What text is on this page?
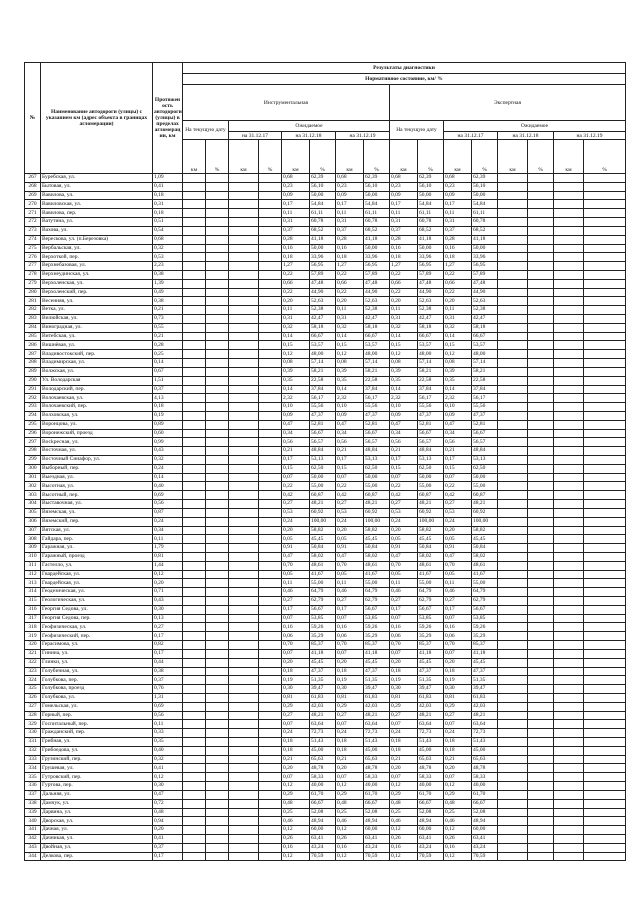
№	Наименование автодороги (улицы) с указанием км (адрес объекта в границах агломерации)	Протяжен ость автодороги (улицы) в пределах агломерац ии, км	Результаты диагностики															
			Нормативное состояние, км/ %															
			Инструментальная								Экспертная							
			На текущую дату		Ожидаемое						На текущую дату		Ожидаемое					
					на 31.12.17		на 31.12.18		на 31.12.19				на 31.12.17		на 31.12.18		на 31.12.19	
			км	%	км	%	км	%	км	%	км	%	км	%	км	%	км	%
267	Буребская, ул.	1,09					0,68	62,39	0,68	62,39	0,68	62,39	0,68	62,39				
268	Бытовая, ул.	0,41					0,23	56,10	0,23	56,10	0,23	56,10	0,23	56,10				
269	Вавилова, ул.	0,18					0,09	50,00	0,09	50,00	0,09	50,00	0,09	50,00				
270	Вавиловская, ул.	0,31					0,17	54,84	0,17	54,84	0,17	54,84	0,17	54,84				
271	Вавилова, пер.	0,18					0,11	61,11	0,11	61,11	0,11	61,11	0,11	61,11				
272	Ватутина, ул.	0,51					0,31	60,78	0,31	60,78	0,31	60,78	0,31	60,78				
273	Вахова, ул.	0,54					0,37	68,52	0,37	68,52	0,37	68,52	0,37	68,52				
274	Верескова, ул. (п.Березовка)	0,68					0,28	41,18	0,28	41,18	0,28	41,18	0,28	41,18				
275	Вербальская, ул.	0,32					0,16	50,00	0,16	50,00	0,16	50,00	0,16	50,00				
276	Верхоткой, пер.	0,53					0,18	33,96	0,18	33,96	0,18	33,96	0,18	33,96				
277	Верхнебазовая, ул.	2,23					1,27	56,95	1,27	56,95	1,27	56,95	1,27	56,95				
278	Верхнеудинская, ул.	0,38					0,22	57,89	0,22	57,89	0,22	57,89	0,22	57,89				
279	Верхоленская, ул.	1,39					0,66	47,48	0,66	47,48	0,66	47,48	0,66	47,48				
280	Верхоленский, пер.	0,49					0,22	44,90	0,22	44,90	0,22	44,90	0,22	44,90				
281	Весенняя, ул.	0,38					0,20	52,63	0,20	52,63	0,20	52,63	0,20	52,63				
282	Ветка, ул.	0,21					0,11	52,38	0,11	52,38	0,11	52,38	0,11	52,38				
283	Вилюйская, ул.	0,73					0,31	42,47	0,31	42,47	0,31	42,47	0,31	42,47				
284	Виноградная, ул.	0,55					0,32	58,18	0,32	58,18	0,32	58,18	0,32	58,18				
285	Витебская, ул.	0,21					0,14	66,67	0,14	66,67	0,14	66,67	0,14	66,67				
286	Вишнёвая, ул.	0,28					0,15	53,57	0,15	53,57	0,15	53,57	0,15	53,57				
287	Владивостокский, пер.	0,25					0,12	48,00	0,12	48,00	0,12	48,00	0,12	48,00				
288	Владимирская, ул.	0,14					0,08	57,14	0,08	57,14	0,08	57,14	0,08	57,14				
289	Волжская, ул.	0,67					0,39	58,21	0,39	58,21	0,39	58,21	0,39	58,21				
290	Ул. Володарская	1,51					0,35	22,58	0,35	22,58	0,35	22,58	0,35	22,58				
291	Володарский, пер.	0,37					0,14	37,84	0,14	37,84	0,14	37,84	0,14	37,84				
292	Волочаевская, ул.	4,13					2,32	56,17	2,32	56,17	2,32	56,17	2,32	56,17				
293	Волочаевский, пер.	0,18					0,10	55,56	0,10	55,56	0,10	55,56	0,10	55,56				
294	Волховская, ул.	0,19					0,09	47,37	0,09	47,37	0,09	47,37	0,09	47,37				
295	Воронцова, ул.	0,89					0,47	52,81	0,47	52,81	0,47	52,81	0,47	52,81				
296	Воронежский, проезд	0,60					0,34	56,67	0,34	56,67	0,34	56,67	0,34	56,67				
297	Восkресная, ул.	0,99					0,56	56,57	0,56	56,57	0,56	56,57	0,56	56,57				
298	Восточная, ул.	0,43					0,21	48,84	0,21	48,84	0,21	48,84	0,21	48,84				
299	Восточный Синафор, ул.	0,32					0,17	53,13	0,17	53,13	0,17	53,13	0,17	53,13				
300	Выборный, пер.	0,24					0,15	62,50	0,15	62,50	0,15	62,50	0,15	62,50				
301	Выездная, ул.	0,14					0,07	50,00	0,07	50,00	0,07	50,00	0,07	50,00				
302	Высотная, ул.	0,40					0,22	55,00	0,22	55,00	0,22	55,00	0,22	55,00				
303	Высотный, пер.	0,69					0,42	60,87	0,42	60,87	0,42	60,87	0,42	60,87				
304	Выставочная, ул.	0,56					0,27	48,21	0,27	48,21	0,27	48,21	0,27	48,21				
305	Вяземская, ул.	0,87					0,53	60,92	0,53	60,92	0,53	60,92	0,53	60,92				
306	Вяземский, пер.	0,24					0,24	100,00	0,24	100,00	0,24	100,00	0,24	100,00				
307	Вятская, ул.	0,34					0,20	58,82	0,20	58,82	0,20	58,82	0,20	58,82				
308	Гайдара, пер.	0,11					0,05	45,45	0,05	45,45	0,05	45,45	0,05	45,45				
309	Гаражная, ул.	1,79					0,91	50,84	0,91	50,84	0,91	50,84	0,91	50,84				
310	Гаражный, проезд	0,81					0,47	58,02	0,47	58,02	0,47	58,02	0,47	58,02				
311	Гастелло, ул.	1,44					0,70	48,61	0,70	48,61	0,70	48,61	0,70	48,61				
312	Гвардейская, ул.	0,12					0,05	41,67	0,05	41,67	0,05	41,67	0,05	41,67				
313	Гвардейская, ул.	0,20					0,11	55,00	0,11	55,00	0,11	55,00	0,11	55,00				
314	Геодезическая, ул.	0,71					0,46	64,79	0,46	64,79	0,46	64,79	0,46	64,79				
315	Геологическая, ул.	0,43					0,27	62,79	0,27	62,79	0,27	62,79	0,27	62,79				
316	Георгия Седова, ул.	0,30					0,17	56,67	0,17	56,67	0,17	56,67	0,17	56,67				
317	Георгия Седова, пер.	0,13					0,07	53,85	0,07	53,85	0,07	53,85	0,07	53,85				
318	Геофизическая, ул.	0,27					0,16	59,26	0,16	59,26	0,16	59,26	0,16	59,26				
319	Геофизический, пер.	0,17					0,06	35,29	0,06	35,29	0,06	35,29	0,06	35,29				
320	Герасимова, ул.	0,82					0,70	85,37	0,70	85,37	0,70	85,37	0,70	85,37				
321	Гинина, ул.	0,17					0,07	41,18	0,07	41,18	0,07	41,18	0,07	41,18				
322	Глинки, ул.	0,44					0,20	45,45	0,20	45,45	0,20	45,45	0,20	45,45				
323	Голубичная, ул.	0,38					0,18	47,37	0,18	47,37	0,18	47,37	0,18	47,37				
324	Голубкова, пер.	0,37					0,19	51,35	0,19	51,35	0,19	51,35	0,19	51,35				
325	Голубкова, проезд	0,76					0,30	39,47	0,30	39,47	0,30	39,47	0,30	39,47				
326	Голубкова, ул.	1,31					0,81	61,83	0,81	61,83	0,81	61,83	0,81	61,83				
327	Гомельская, ул.	0,69					0,29	42,03	0,29	42,03	0,29	42,03	0,29	42,03				
328	Горный, пер.	0,56					0,27	48,21	0,27	48,21	0,27	48,21	0,27	48,21				
329	Госпитальный, пер.	0,11					0,07	63,64	0,07	63,64	0,07	63,64	0,07	63,64				
330	Гражданский, пер.	0,33					0,24	72,73	0,24	72,73	0,24	72,73	0,24	72,73				
331	Грибная, ул.	0,35					0,18	51,43	0,18	51,43	0,18	51,43	0,18	51,43				
332	Грибоедова, ул.	0,40					0,18	45,00	0,18	45,00	0,18	45,00	0,18	45,00				
333	Грузинский, пер.	0,32					0,21	65,63	0,21	65,63	0,21	65,63	0,21	65,63				
334	Грушевая, ул.	0,41					0,20	48,78	0,20	48,78	0,20	48,78	0,20	48,78				
335	Гутровский, пер.	0,12					0,07	58,33	0,07	58,33	0,07	58,33	0,07	58,33				
336	Гуртова, пер.	0,30					0,12	40,00	0,12	40,00	0,12	40,00	0,12	40,00				
337	Дальняя, ул.	0,47					0,29	61,70	0,29	61,70	0,29	61,70	0,29	61,70				
338	Дамчук, ул.	0,72					0,48	66,67	0,48	66,67	0,48	66,67	0,48	66,67				
339	Дарвина, ул.	0,48					0,25	52,08	0,25	52,08	0,25	52,08	0,25	52,08				
340	Дворская, ул.	0,94					0,46	48,94	0,46	48,94	0,46	48,94	0,46	48,94				
341	Дачная, ул.	0,20					0,12	60,00	0,12	60,00	0,12	60,00	0,12	60,00				
342	Дачникая, ул.	0,41					0,26	63,41	0,26	63,41	0,26	63,41	0,26	63,41				
343	Двойная, ул.	0,37					0,16	43,24	0,16	43,24	0,16	43,24	0,16	43,24				
344	Делкова, пер.	0,17					0,12	70,59	0,12	70,59	0,12	70,59	0,12	70,59				
